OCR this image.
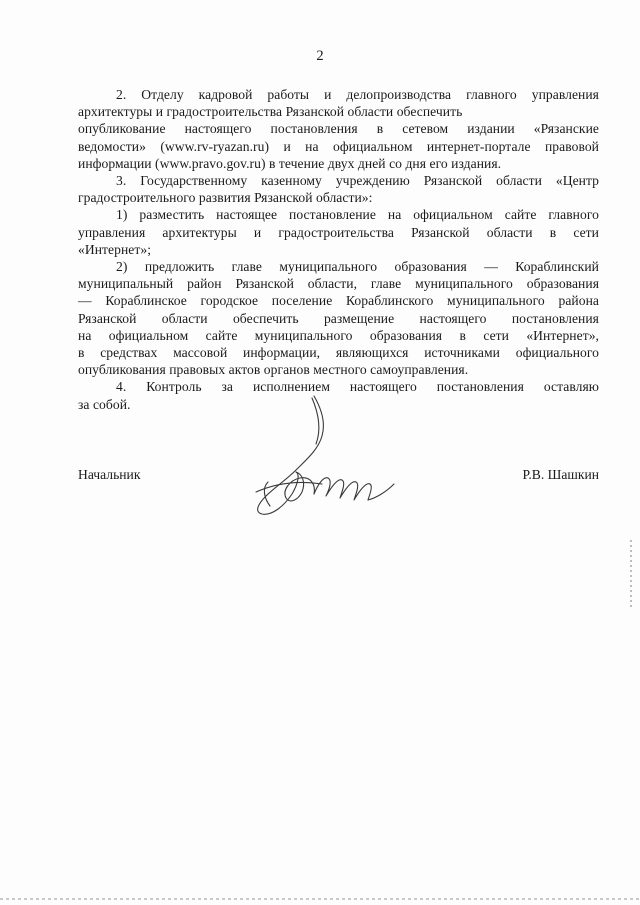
2

2. Отделу кадровой работы и делопроизводства главного управления
архитектуры и градостроительства Рязанской области обеспечить
опубликование настоящего постановления в сетевом издании «Рязанские
ведомости» (www.rv-ryazan.ru) и на официальном интернет-портале правовой
информации (www.pravo.gov.ru) в течение двух дней со дня его издания.

3. Государственному казенному учреждению Рязанской области «Центр
градостроительного развития Рязанской области»:

1) разместить настоящее постановление на официальном сайте главного
управления архитектуры и градостроительства Рязанской области в сети
«Интернет»;

2) предложить главе муниципального образования — Кораблинский
муниципальный район Рязанской области, главе муниципального образования
— Кораблинское городское поселение Кораблинского муниципального района
Рязанской области обеспечить размещение настоящего постановления
на официальном сайте муниципального образования в сети «Интернет»,
в средствах массовой информации, являющихся источниками официального
опубликования правовых актов органов местного самоуправления.

4. Контроль за исполнением настоящего постановления оставляю
за собой.

Начальник	Р.В. Шашкин
